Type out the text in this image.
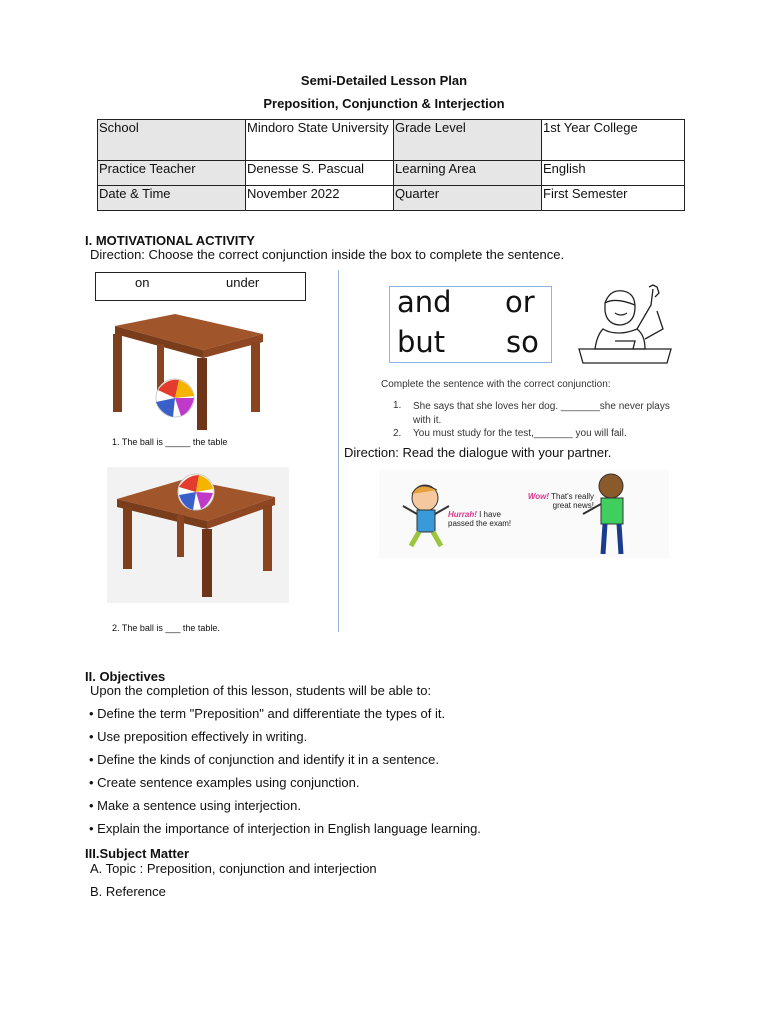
Semi-Detailed Lesson Plan
Preposition, Conjunction & Interjection
School	Mindoro State University	Grade Level	1st Year College
Practice Teacher	Denesse S. Pascual	Learning Area	English
Date & Time	November 2022	Quarter	First Semester
I. MOTIVATIONAL ACTIVITY
Direction: Choose the correct conjunction inside the box to complete the sentence.
on	under
1. The ball is _____ the table
2. The ball is ___ the table.
and or
but so
Complete the sentence with the correct conjunction:
1. She says that she loves her dog. _______she never plays with it.
2. You must study for the test,_______ you will fail.
Direction: Read the dialogue with your partner.
Hurrah! I have passed the exam!
Wow! That's really great news!
II. Objectives
Upon the completion of this lesson, students will be able to:
• Define the term "Preposition" and differentiate the types of it.
• Use preposition effectively in writing.
• Define the kinds of conjunction and identify it in a sentence.
• Create sentence examples using conjunction.
• Make a sentence using interjection.
• Explain the importance of interjection in English language learning.
III.Subject Matter
A. Topic : Preposition, conjunction and interjection
B. Reference
